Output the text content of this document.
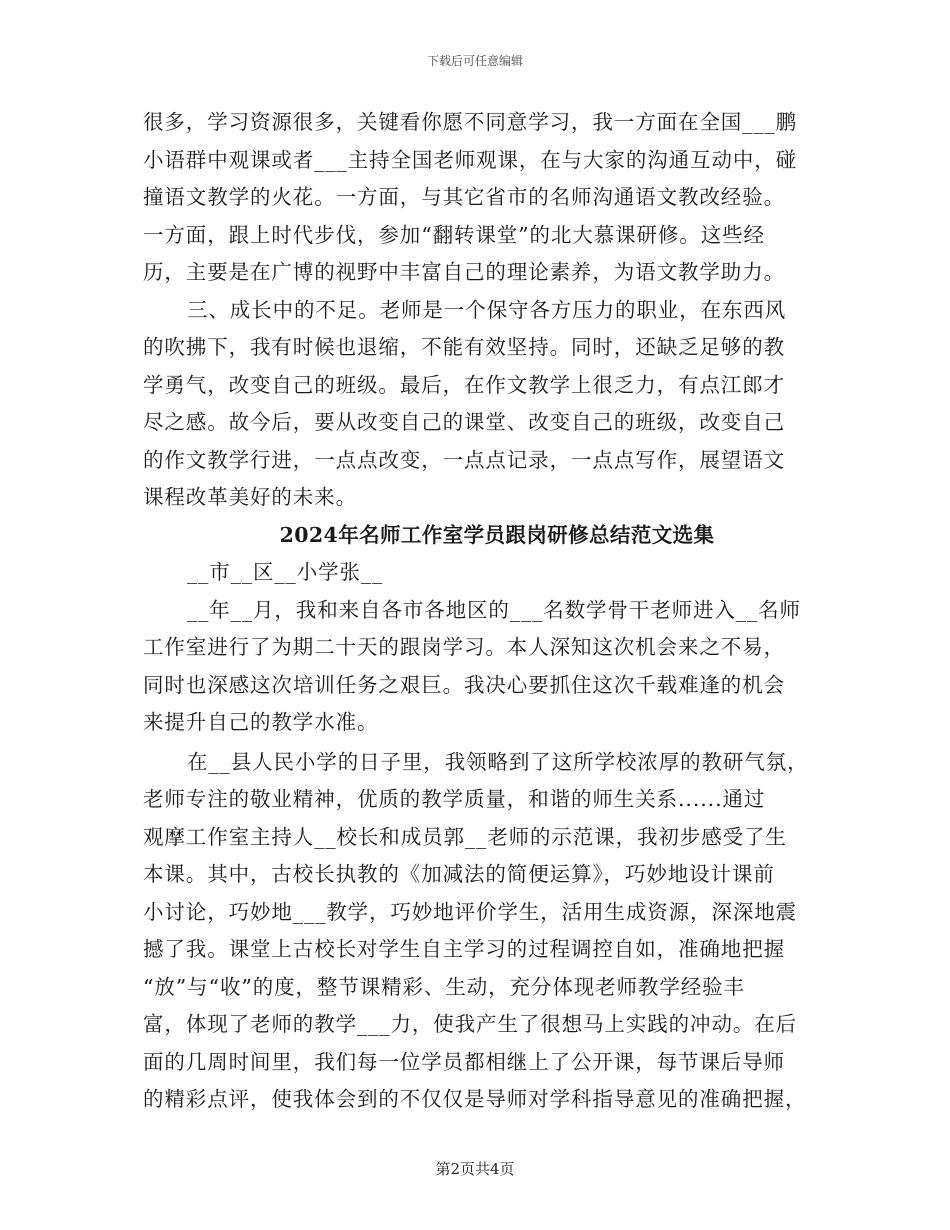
下载后可任意编辑
很多，学习资源很多，关键看你愿不同意学习，我一方面在全国___鹏
小语群中观课或者___主持全国老师观课，在与大家的沟通互动中，碰
撞语文教学的火花。一方面，与其它省市的名师沟通语文教改经验。
一方面，跟上时代步伐，参加“翻转课堂”的北大慕课研修。这些经
历，主要是在广博的视野中丰富自己的理论素养，为语文教学助力。
三、成长中的不足。老师是一个保守各方压力的职业，在东西风
的吹拂下，我有时候也退缩，不能有效坚持。同时，还缺乏足够的教
学勇气，改变自己的班级。最后，在作文教学上很乏力，有点江郎才
尽之感。故今后，要从改变自己的课堂、改变自己的班级，改变自己
的作文教学行进，一点点改变，一点点记录，一点点写作，展望语文
课程改革美好的未来。
2024年名师工作室学员跟岗研修总结范文选集
__市__区__小学张__
__年__月，我和来自各市各地区的___名数学骨干老师进入__名师
工作室进行了为期二十天的跟岗学习。本人深知这次机会来之不易，
同时也深感这次培训任务之艰巨。我决心要抓住这次千载难逢的机会
来提升自己的教学水准。
在__县人民小学的日子里，我领略到了这所学校浓厚的教研气氛，
老师专注的敬业精神，优质的教学质量，和谐的师生关系......通过
观摩工作室主持人__校长和成员郭__老师的示范课，我初步感受了生
本课。其中，古校长执教的《加减法的简便运算》，巧妙地设计课前
小讨论，巧妙地___教学，巧妙地评价学生，活用生成资源，深深地震
撼了我。课堂上古校长对学生自主学习的过程调控自如，准确地把握
“放”与“收”的度，整节课精彩、生动，充分体现老师教学经验丰
富，体现了老师的教学___力，使我产生了很想马上实践的冲动。在后
面的几周时间里，我们每一位学员都相继上了公开课，每节课后导师
的精彩点评，使我体会到的不仅仅是导师对学科指导意见的准确把握，
第2页共4页
